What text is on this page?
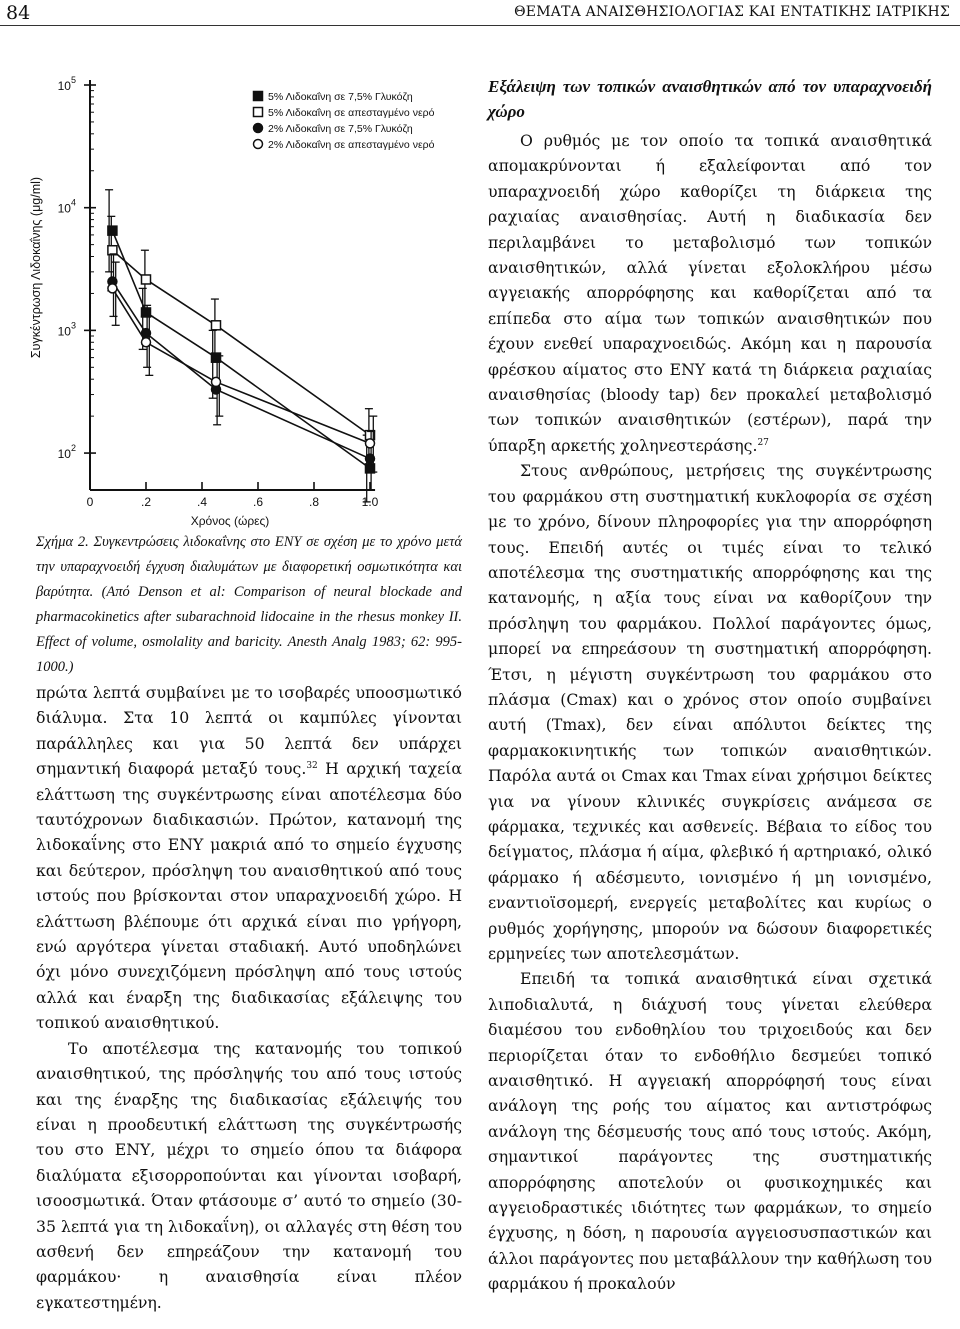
84	ΘΕΜΑΤΑ ΑΝΑΙΣΘΗΣΙΟΛΟΓΙΑΣ ΚΑΙ ΕΝΤΑΤΙΚΗΣ ΙΑΤΡΙΚΗΣ
$10^5$
$10^4$
$10^3$
$10^2$
0	.2	.4	.6	.8	1.0
Χρόνος (ώρες)
Συγκέντρωση Λιδοκαΐνης (μg/ml)
5% Λιδοκαΐνη σε 7,5% Γλυκόζη
5% Λιδοκαΐνη σε απεσταγμένο νερό
2% Λιδοκαΐνη σε 7,5% Γλυκόζη
2% Λιδοκαΐνη σε απεσταγμένο νερό
Σχήμα 2. Συγκεντρώσεις λιδοκαΐνης στο ΕΝΥ σε σχέση με το χρόνο μετά την υπαραχνοειδή έγχυση διαλυμάτων με διαφορετική οσμωτικότητα και βαρύτητα. (Από Denson et al: Comparison of neural blockade and pharmacokinetics after subarachnoid lidocaine in the rhesus monkey II. Effect of volume, osmolality and baricity. Anesth Analg 1983; 62: 995-1000.)

πρώτα λεπτά συμβαίνει με το ισοβαρές υποοσμωτικό διάλυμα. Στα 10 λεπτά οι καμπύλες γίνονται παράλληλες και για 50 λεπτά δεν υπάρχει σημαντική διαφορά μεταξύ τους.$^{32}$ Η αρχική ταχεία ελάττωση της συγκέντρωσης είναι αποτέλεσμα δύο ταυτόχρονων διαδικασιών. Πρώτον, κατανομή της λιδοκαΐνης στο ΕΝΥ μακριά από το σημείο έγχυσης και δεύτερον, πρόσληψη του αναισθητικού από τους ιστούς που βρίσκονται στον υπαραχνοειδή χώρο. Η ελάττωση βλέπουμε ότι αρχικά είναι πιο γρήγορη, ενώ αργότερα γίνεται σταδιακή. Αυτό υποδηλώνει όχι μόνο συνεχιζόμενη πρόσληψη από τους ιστούς αλλά και έναρξη της διαδικασίας εξάλειψης του τοπικού αναισθητικού.

Το αποτέλεσμα της κατανομής του τοπικού αναισθητικού, της πρόσληψής του από τους ιστούς και της έναρξης της διαδικασίας εξάλειψής του είναι η προοδευτική ελάττωση της συγκέντρωσής του στο ΕΝΥ, μέχρι το σημείο όπου τα διάφορα διαλύματα εξισορροπούνται και γίνονται ισοβαρή, ισοοσμωτικά. Όταν φτάσουμε σ’ αυτό το σημείο (30-35 λεπτά για τη λιδοκαΐνη), οι αλλαγές στη θέση του ασθενή δεν επηρεάζουν την κατανομή του φαρμάκου· η αναισθησία είναι πλέον εγκατεστημένη.

Εξάλειψη των τοπικών αναισθητικών από τον υπαραχνοειδή χώρο

Ο ρυθμός με τον οποίο τα τοπικά αναισθητικά απομακρύνονται ή εξαλείφονται από τον υπαραχνοειδή χώρο καθορίζει τη διάρκεια της ραχιαίας αναισθησίας. Αυτή η διαδικασία δεν περιλαμβάνει το μεταβολισμό των τοπικών αναισθητικών, αλλά γίνεται εξολοκλήρου μέσω αγγειακής απορρόφησης και καθορίζεται από τα επίπεδα στο αίμα των τοπικών αναισθητικών που έχουν ενεθεί υπαραχνοειδώς. Ακόμη και η παρουσία φρέσκου αίματος στο ΕΝΥ κατά τη διάρκεια ραχιαίας αναισθησίας (bloody tap) δεν προκαλεί μεταβολισμό των τοπικών αναισθητικών (εστέρων), παρά την ύπαρξη αρκετής χοληνεστεράσης.$^{27}$

Στους ανθρώπους, μετρήσεις της συγκέντρωσης του φαρμάκου στη συστηματική κυκλοφορία σε σχέση με το χρόνο, δίνουν πληροφορίες για την απορρόφηση τους. Επειδή αυτές οι τιμές είναι το τελικό αποτέλεσμα της συστηματικής απορρόφησης και της κατανομής, η αξία τους είναι να καθορίζουν την πρόσληψη του φαρμάκου. Πολλοί παράγοντες όμως, μπορεί να επηρεάσουν τη συστηματική απορρόφηση. Έτσι, η μέγιστη συγκέντρωση του φαρμάκου στο πλάσμα (Cmax) και ο χρόνος στον οποίο συμβαίνει αυτή (Tmax), δεν είναι απόλυτοι δείκτες της φαρμακοκινητικής των τοπικών αναισθητικών. Παρόλα αυτά οι Cmax και Tmax είναι χρήσιμοι δείκτες για να γίνουν κλινικές συγκρίσεις ανάμεσα σε φάρμακα, τεχνικές και ασθενείς. Βέβαια το είδος του δείγματος, πλάσμα ή αίμα, φλεβικό ή αρτηριακό, ολικό φάρμακο ή αδέσμευτο, ιονισμένο ή μη ιονισμένο, εναντιοϊσομερή, ενεργείς μεταβολίτες και κυρίως ο ρυθμός χορήγησης, μπορούν να δώσουν διαφορετικές ερμηνείες των αποτελεσμάτων.

Επειδή τα τοπικά αναισθητικά είναι σχετικά λιποδιαλυτά, η διάχυσή τους γίνεται ελεύθερα διαμέσου του ενδοθηλίου του τριχοειδούς και δεν περιορίζεται όταν το ενδοθήλιο δεσμεύει τοπικό αναισθητικό. Η αγγειακή απορρόφησή τους είναι ανάλογη της ροής του αίματος και αντιστρόφως ανάλογη της δέσμευσής τους από τους ιστούς. Ακόμη, σημαντικοί παράγοντες της συστηματικής απορρόφησης αποτελούν οι φυσικοχημικές και αγγειοδραστικές ιδιότητες των φαρμάκων, το σημείο έγχυσης, η δόση, η παρουσία αγγειοσυσπαστικών και άλλοι παράγοντες που μεταβάλλουν την καθήλωση του φαρμάκου ή προκαλούν
